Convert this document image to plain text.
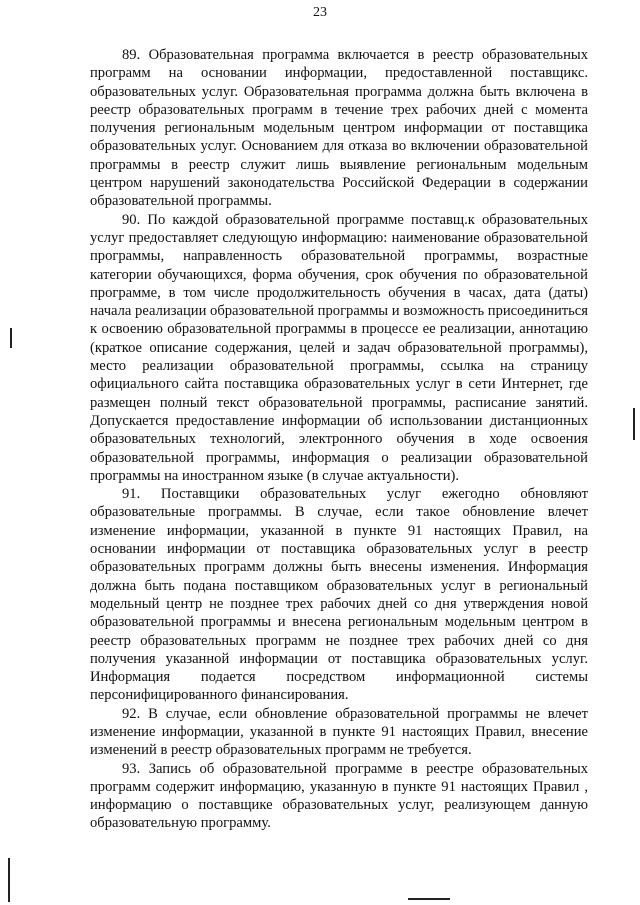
23

89. Образовательная программа включается в реестр образовательных программ на основании информации, предоставленной поставщикс. образовательных услуг. Образовательная программа должна быть включена в реестр образовательных программ в течение трех рабочих дней с момента получения региональным модельным центром информации от поставщика образовательных услуг. Основанием для отказа во включении образовательной программы в реестр служит лишь выявление региональным модельным центром нарушений законодательства Российской Федерации в содержании образовательной программы.

90. По каждой образовательной программе поставщ.к образовательных услуг предоставляет следующую информацию: наименование образовательной программы, направленность образовательной программы, возрастные категории обучающихся, форма обучения, срок обучения по образовательной программе, в том числе продолжительность обучения в часах, дата (даты) начала реализации образовательной программы и возможность присоединиться к освоению образовательной программы в процессе ее реализации, аннотацию (краткое описание содержания, целей и задач образовательной программы), место реализации образовательной программы, ссылка на страницу официального сайта поставщика образовательных услуг в сети Интернет, где размещен полный текст образовательной программы, расписание занятий. Допускается предоставление информации об использовании дистанционных образовательных технологий, электронного обучения в ходе освоения образовательной программы, информация о реализации образовательной программы на иностранном языке (в случае актуальности).

91. Поставщики образовательных услуг ежегодно обновляют образовательные программы. В случае, если такое обновление влечет изменение информации, указанной в пункте 91 настоящих Правил, на основании информации от поставщика образовательных услуг в реестр образовательных программ должны быть внесены изменения. Информация должна быть подана поставщиком образовательных услуг в региональный модельный центр не позднее трех рабочих дней со дня утверждения новой образовательной программы и внесена региональным модельным центром в реестр образовательных программ не позднее трех рабочих дней со дня получения указанной информации от поставщика образовательных услуг. Информация подается посредством информационной системы персонифицированного финансирования.

92. В случае, если обновление образовательной программы не влечет изменение информации, указанной в пункте 91 настоящих Правил, внесение изменений в реестр образовательных программ не требуется.

93. Запись об образовательной программе в реестре образовательных программ содержит информацию, указанную в пункте 91 настоящих Правил , информацию о поставщике образовательных услуг, реализующем данную образовательную программу.
